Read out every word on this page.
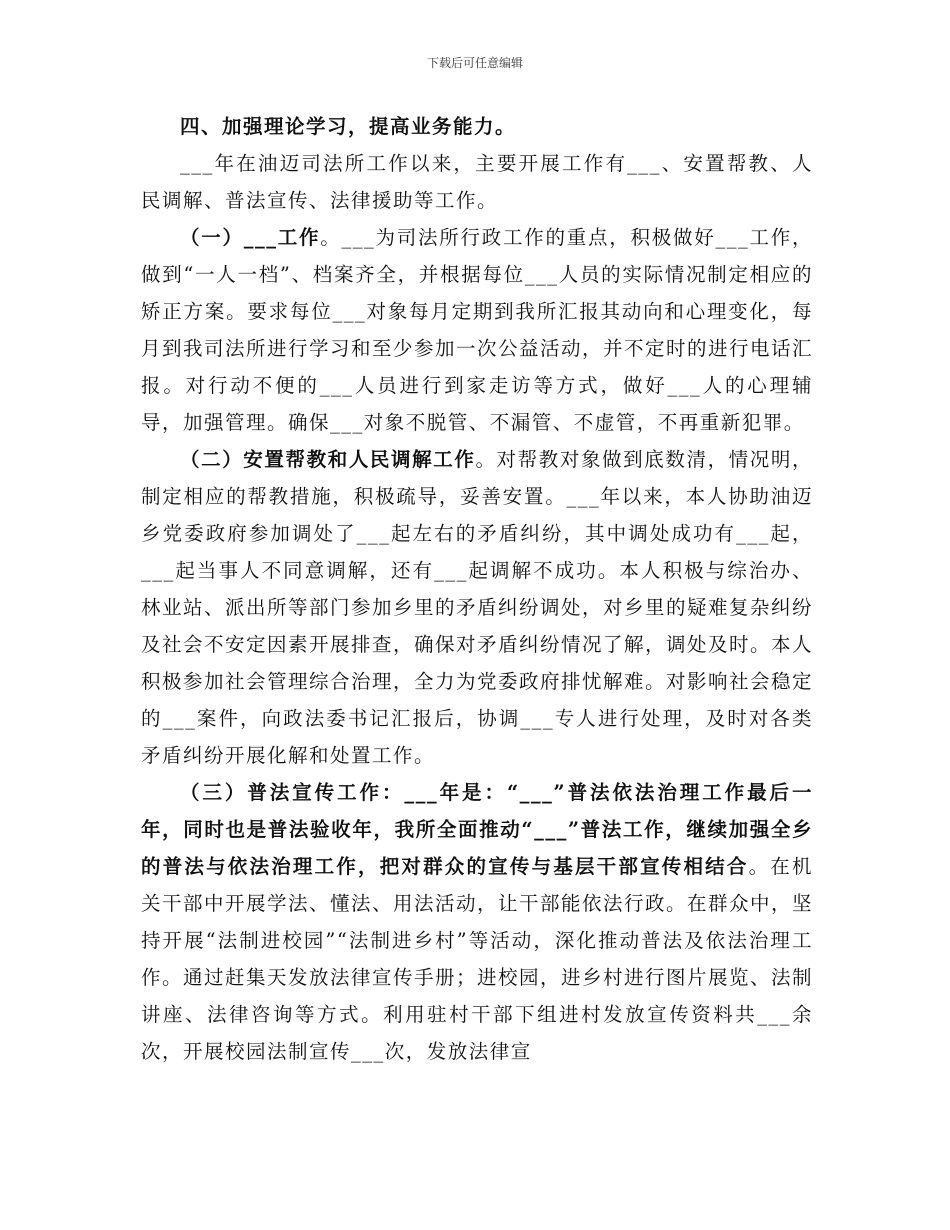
下载后可任意编辑

四、加强理论学习，提高业务能力。

___年在油迈司法所工作以来，主要开展工作有___、安置帮教、人民调解、普法宣传、法律援助等工作。

（一）___工作。___为司法所行政工作的重点，积极做好___工作，做到“一人一档”、档案齐全，并根据每位___人员的实际情况制定相应的矫正方案。要求每位___对象每月定期到我所汇报其动向和心理变化，每月到我司法所进行学习和至少参加一次公益活动，并不定时的进行电话汇报。对行动不便的___人员进行到家走访等方式，做好___人的心理辅导，加强管理。确保___对象不脱管、不漏管、不虚管，不再重新犯罪。

（二）安置帮教和人民调解工作。对帮教对象做到底数清，情况明，制定相应的帮教措施，积极疏导，妥善安置。___年以来，本人协助油迈乡党委政府参加调处了___起左右的矛盾纠纷，其中调处成功有___起，___起当事人不同意调解，还有___起调解不成功。本人积极与综治办、林业站、派出所等部门参加乡里的矛盾纠纷调处，对乡里的疑难复杂纠纷及社会不安定因素开展排查，确保对矛盾纠纷情况了解，调处及时。本人积极参加社会管理综合治理，全力为党委政府排忧解难。对影响社会稳定的___案件，向政法委书记汇报后，协调___专人进行处理，及时对各类矛盾纠纷开展化解和处置工作。

（三）普法宣传工作：___年是：“___”普法依法治理工作最后一年，同时也是普法验收年，我所全面推动“___”普法工作，继续加强全乡的普法与依法治理工作，把对群众的宣传与基层干部宣传相结合。在机关干部中开展学法、懂法、用法活动，让干部能依法行政。在群众中，坚持开展“法制进校园”“法制进乡村”等活动，深化推动普法及依法治理工作。通过赶集天发放法律宣传手册；进校园，进乡村进行图片展览、法制讲座、法律咨询等方式。利用驻村干部下组进村发放宣传资料共___余次，开展校园法制宣传___次，发放法律宣
